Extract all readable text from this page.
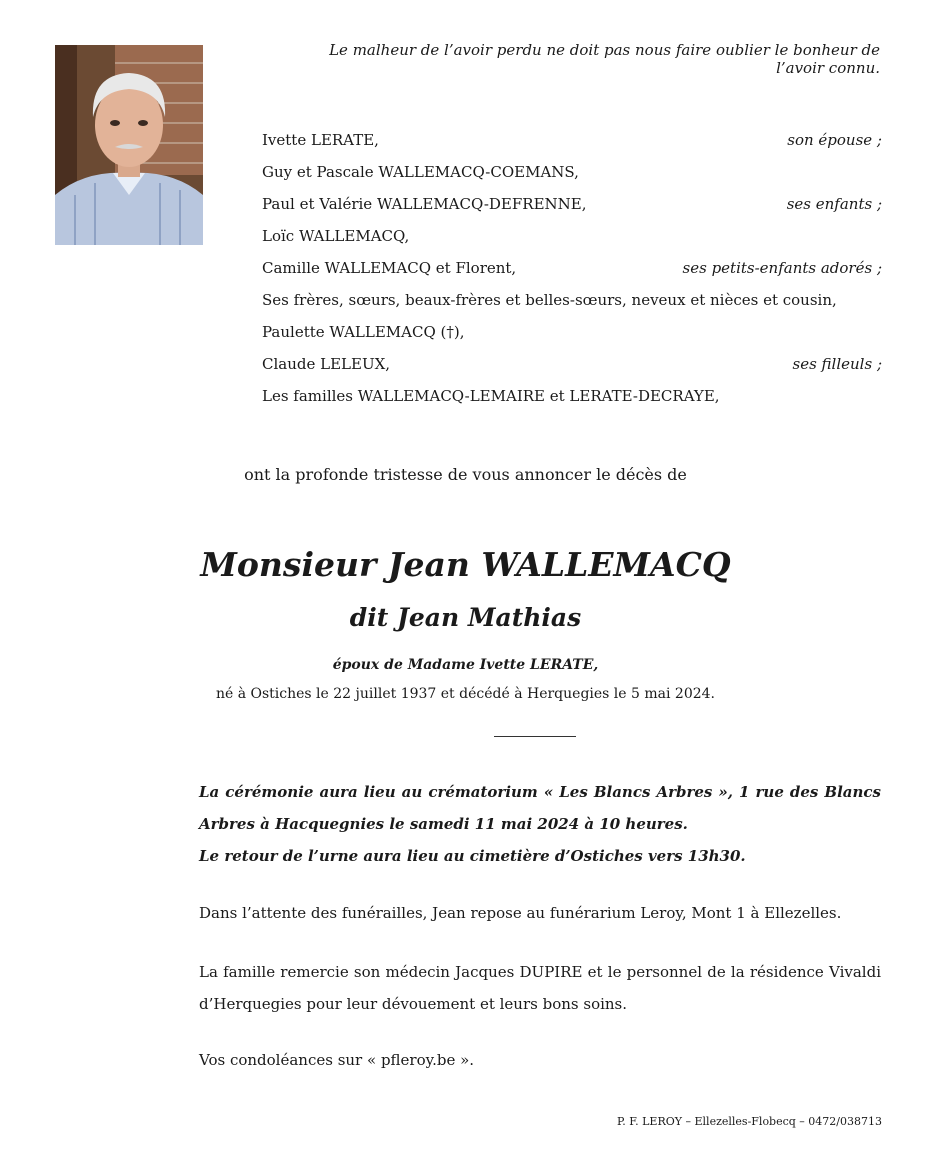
Le malheur de l’avoir perdu ne doit pas nous faire oublier le bonheur de l’avoir connu.
Ivette LERATE,	son épouse ;
Guy et Pascale WALLEMACQ-COEMANS,
Paul et Valérie WALLEMACQ-DEFRENNE,	ses enfants ;
Loïc WALLEMACQ,
Camille WALLEMACQ et Florent,	ses petits-enfants adorés ;
Ses frères, sœurs, beaux-frères et belles-sœurs, neveux et nièces et cousin,
Paulette WALLEMACQ (†),
Claude LELEUX,	ses filleuls ;
Les familles WALLEMACQ-LEMAIRE et LERATE-DECRAYE,
ont la profonde tristesse de vous annoncer le décès de
Monsieur Jean WALLEMACQ
dit Jean Mathias
époux de Madame Ivette LERATE,
né à Ostiches le 22 juillet 1937 et décédé à Herquegies le 5 mai 2024.
La cérémonie aura lieu au crématorium « Les Blancs Arbres », 1 rue des Blancs Arbres à Hacquegnies le samedi 11 mai 2024 à 10 heures.
Le retour de l’urne aura lieu au cimetière d’Ostiches vers 13h30.
Dans l’attente des funérailles, Jean repose au funérarium Leroy, Mont 1 à Ellezelles.
La famille remercie son médecin Jacques DUPIRE et le personnel de la résidence Vivaldi d’Herquegies pour leur dévouement et leurs bons soins.
Vos condoléances sur « pfleroy.be ».
P. F. LEROY – Ellezelles-Flobecq – 0472/038713
